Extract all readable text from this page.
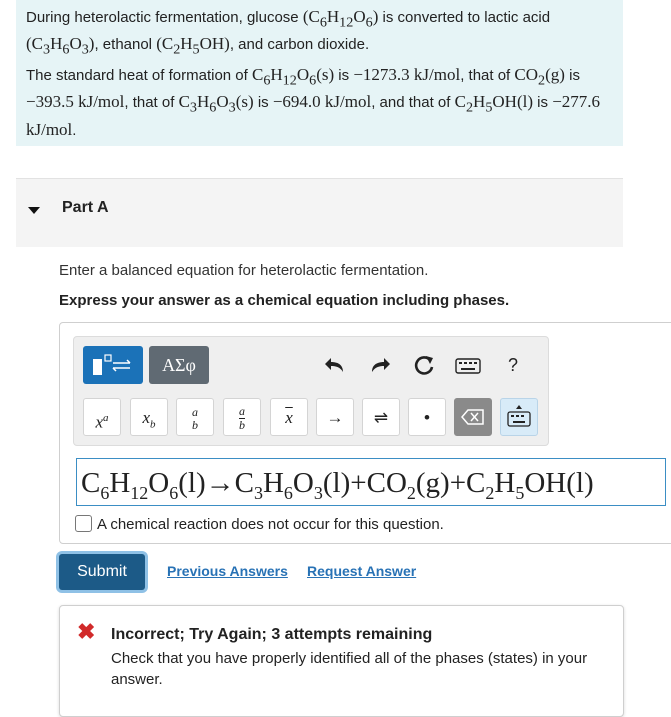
During heterolactic fermentation, glucose $(C_6H_{12}O_6)$ is converted to lactic acid $(C_3H_6O_3)$, ethanol $(C_2H_5OH)$, and carbon dioxide.
The standard heat of formation of $C_6H_{12}O_6(s)$ is −1273.3 kJ/mol, that of $CO_2(g)$ is −393.5 kJ/mol, that of $C_3H_6O_3(s)$ is −694.0 kJ/mol, and that of $C_2H_5OH(l)$ is −277.6 kJ/mol.
Part A
Enter a balanced equation for heterolactic fermentation.
Express your answer as a chemical equation including phases.
ΑΣφ	?
$x^a$	$x_b$
a
b	$\frac{a}{b}$	$\overline{x}$	→	⇌	•
$C_6H_{12}O_6(l)\to C_3H_6O_3(l)+CO_2(g)+C_2H_5OH(l)$
A chemical reaction does not occur for this question.
Submit	Previous Answers Request Answer
✖ Incorrect; Try Again; 3 attempts remaining
Check that you have properly identified all of the phases (states) in your answer.
